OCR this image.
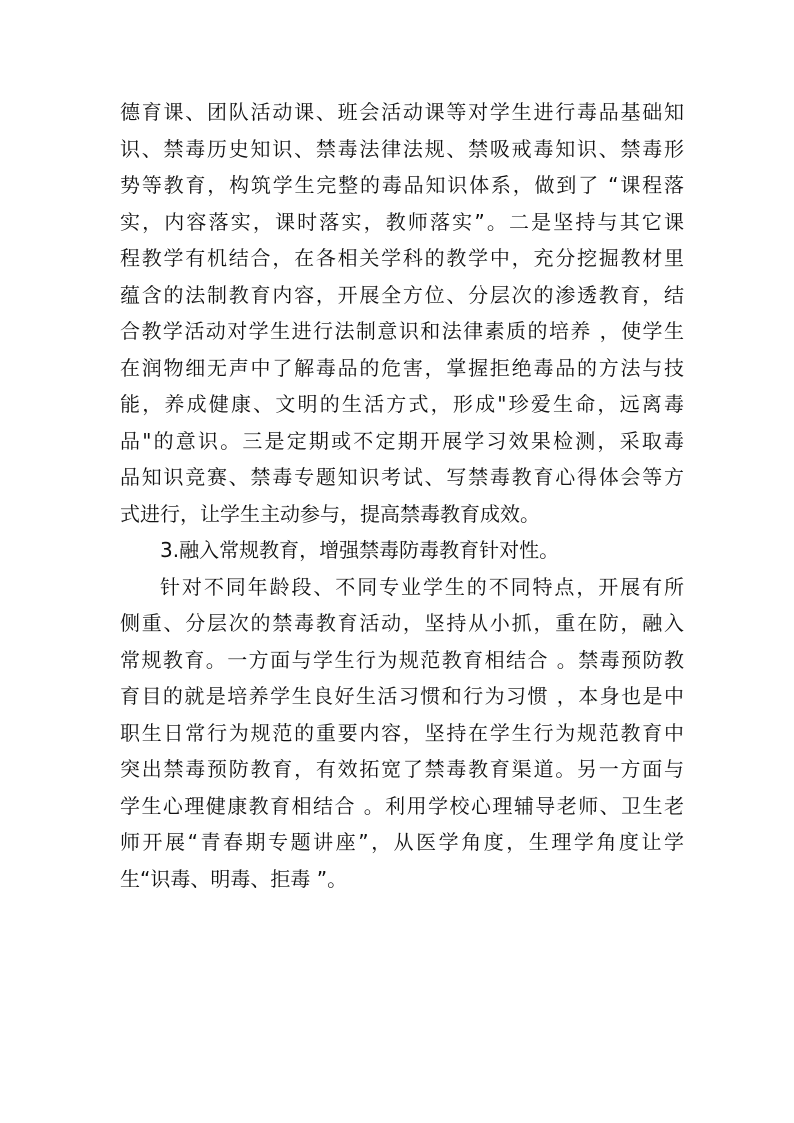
德育课、团队活动课、班会活动课等对学生进行毒品基础知
识、禁毒历史知识、禁毒法律法规、禁吸戒毒知识、禁毒形
势等教育，构筑学生完整的毒品知识体系，做到了 “课程落
实，内容落实，课时落实，教师落实”。二是坚持与其它课
程教学有机结合，在各相关学科的教学中，充分挖掘教材里
蕴含的法制教育内容，开展全方位、分层次的渗透教育，结
合教学活动对学生进行法制意识和法律素质的培养 ，使学生
在润物细无声中了解毒品的危害，掌握拒绝毒品的方法与技
能，养成健康、文明的生活方式，形成"珍爱生命，远离毒
品"的意识。三是定期或不定期开展学习效果检测，采取毒
品知识竞赛、禁毒专题知识考试、写禁毒教育心得体会等方
式进行，让学生主动参与，提高禁毒教育成效。
3.融入常规教育，增强禁毒防毒教育针对性。
针对不同年龄段、不同专业学生的不同特点，开展有所
侧重、分层次的禁毒教育活动，坚持从小抓，重在防，融入
常规教育。一方面与学生行为规范教育相结合 。禁毒预防教
育目的就是培养学生良好生活习惯和行为习惯 ，本身也是中
职生日常行为规范的重要内容，坚持在学生行为规范教育中
突出禁毒预防教育，有效拓宽了禁毒教育渠道。另一方面与
学生心理健康教育相结合 。利用学校心理辅导老师、卫生老
师开展“青春期专题讲座”，从医学角度，生理学角度让学
生“识毒、明毒、拒毒 ”。
